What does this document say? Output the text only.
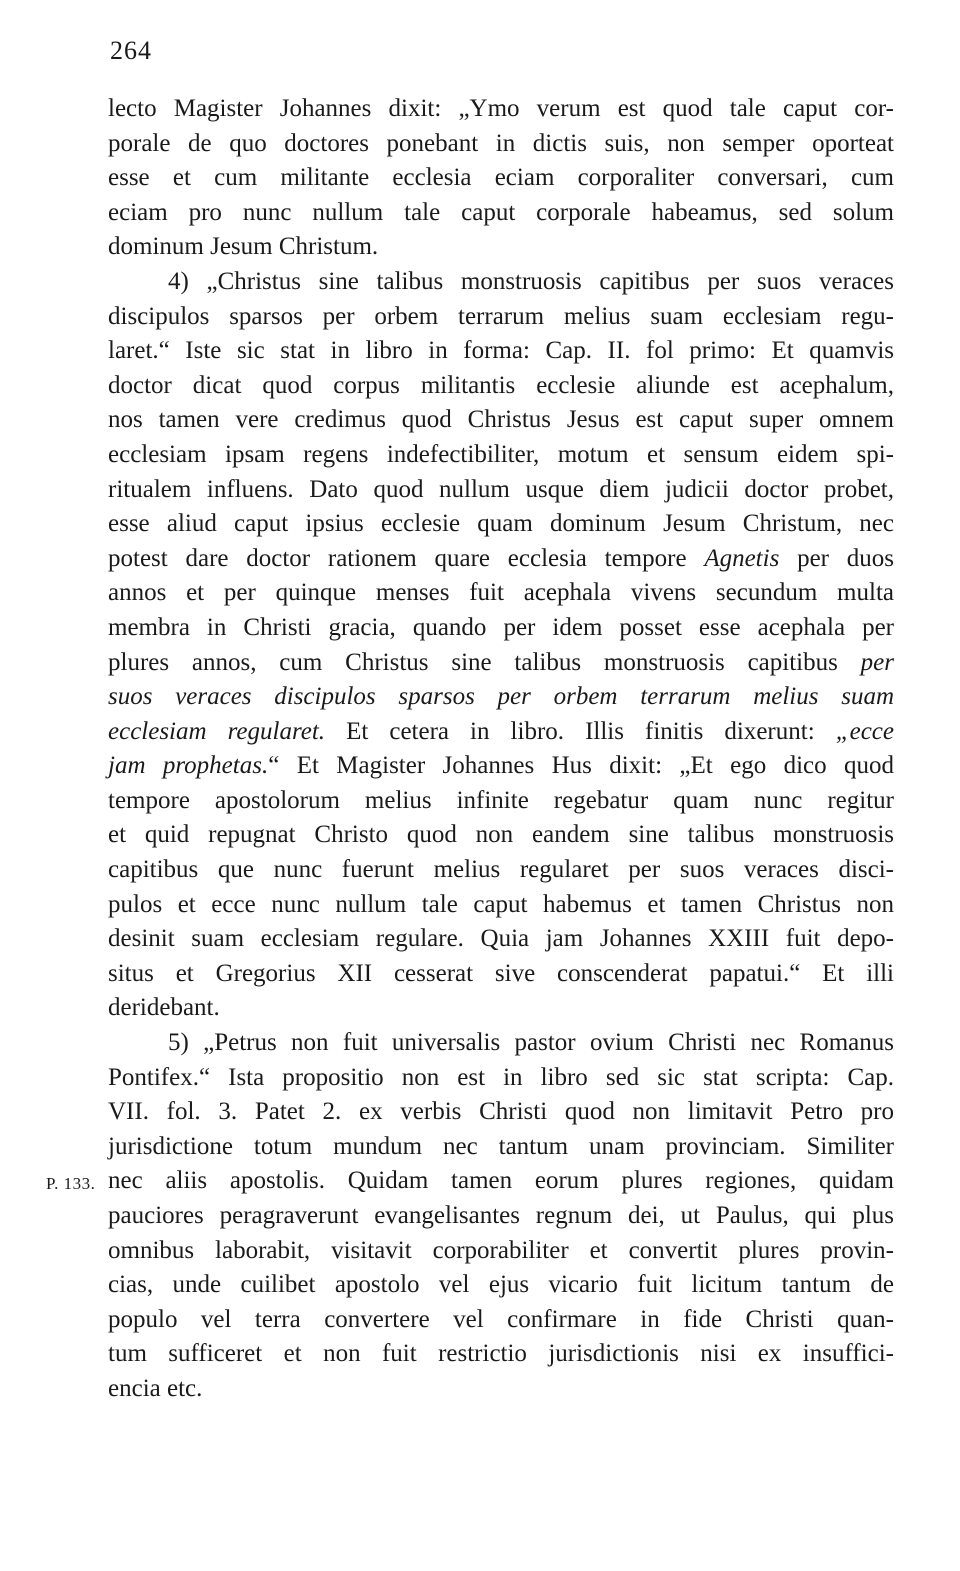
264
P. 133.
lecto Magister Johannes dixit: „Ymo verum est quod tale caput cor-
porale de quo doctores ponebant in dictis suis, non semper oporteat
esse et cum militante ecclesia eciam corporaliter conversari, cum
eciam pro nunc nullum tale caput corporale habeamus, sed solum
dominum Jesum Christum.
4) „Christus sine talibus monstruosis capitibus per suos veraces
discipulos sparsos per orbem terrarum melius suam ecclesiam regu-
laret.“ Iste sic stat in libro in forma: Cap. II. fol primo: Et quamvis
doctor dicat quod corpus militantis ecclesie aliunde est acephalum,
nos tamen vere credimus quod Christus Jesus est caput super omnem
ecclesiam ipsam regens indefectibiliter, motum et sensum eidem spi-
ritualem influens. Dato quod nullum usque diem judicii doctor probet,
esse aliud caput ipsius ecclesie quam dominum Jesum Christum, nec
potest dare doctor rationem quare ecclesia tempore Agnetis per duos
annos et per quinque menses fuit acephala vivens secundum multa
membra in Christi gracia, quando per idem posset esse acephala per
plures annos, cum Christus sine talibus monstruosis capitibus per
suos veraces discipulos sparsos per orbem terrarum melius suam
ecclesiam regularet. Et cetera in libro. Illis finitis dixerunt: „ecce
jam prophetas.“ Et Magister Johannes Hus dixit: „Et ego dico quod
tempore apostolorum melius infinite regebatur quam nunc regitur
et quid repugnat Christo quod non eandem sine talibus monstruosis
capitibus que nunc fuerunt melius regularet per suos veraces disci-
pulos et ecce nunc nullum tale caput habemus et tamen Christus non
desinit suam ecclesiam regulare. Quia jam Johannes XXIII fuit depo-
situs et Gregorius XII cesserat sive conscenderat papatui.“ Et illi
deridebant.
5) „Petrus non fuit universalis pastor ovium Christi nec Romanus
Pontifex.“ Ista propositio non est in libro sed sic stat scripta: Cap.
VII. fol. 3. Patet 2. ex verbis Christi quod non limitavit Petro pro
jurisdictione totum mundum nec tantum unam provinciam. Similiter
nec aliis apostolis. Quidam tamen eorum plures regiones, quidam
pauciores peragraverunt evangelisantes regnum dei, ut Paulus, qui plus
omnibus laborabit, visitavit corporabiliter et convertit plures provin-
cias, unde cuilibet apostolo vel ejus vicario fuit licitum tantum de
populo vel terra convertere vel confirmare in fide Christi quan-
tum sufficeret et non fuit restrictio jurisdictionis nisi ex insuffici-
encia etc.
